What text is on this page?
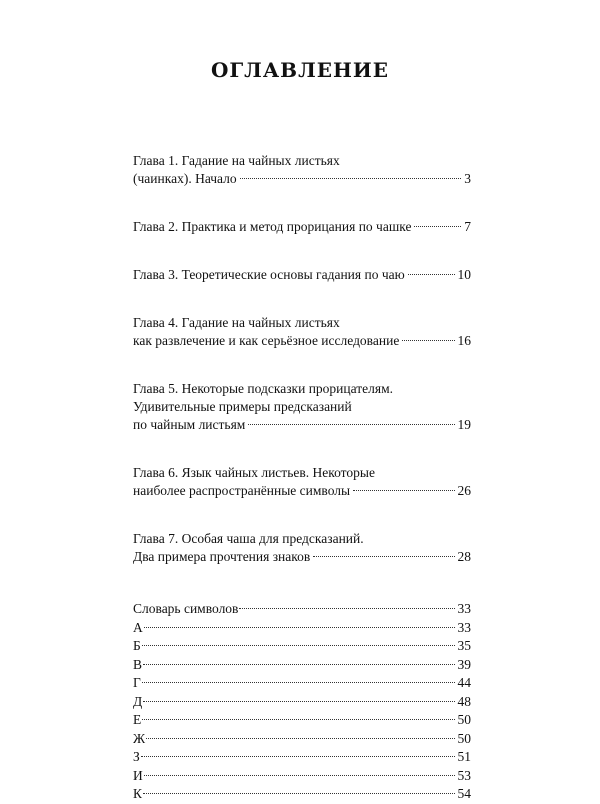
ОГЛАВЛЕНИЕ
Глава 1. Гадание на чайных листьях
(чаинках). Начало	3
Глава 2. Практика и метод прорицания по чашке	7
Глава 3. Теоретические основы гадания по чаю	10
Глава 4. Гадание на чайных листьях
как развлечение и как серьёзное исследование	16
Глава 5. Некоторые подсказки прорицателям.
Удивительные примеры предсказаний
по чайным листьям	19
Глава 6. Язык чайных листьев. Некоторые
наиболее распространённые символы	26
Глава 7. Особая чаша для предсказаний.
Два примера прочтения знаков	28
Словарь символов	33
А	33
Б	35
В	39
Г	44
Д	48
Е	50
Ж	50
З	51
И	53
К	54
